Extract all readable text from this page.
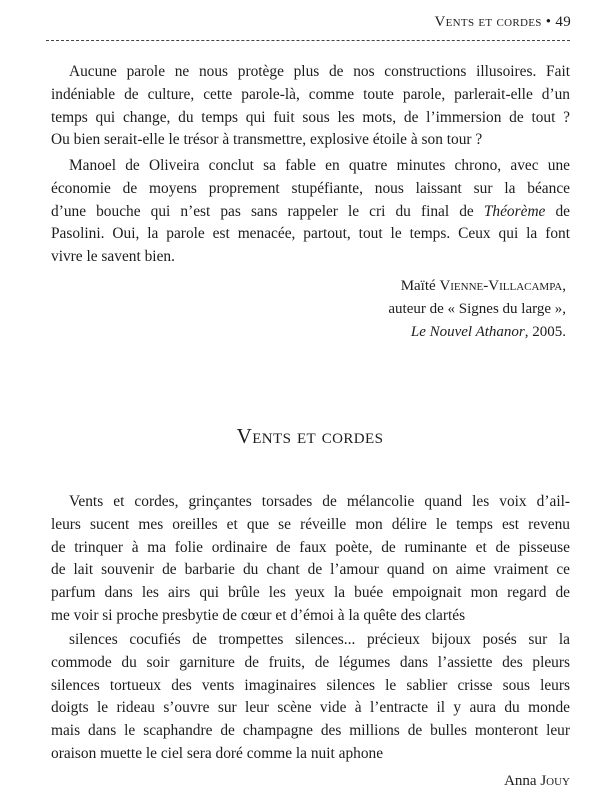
Vents et cordes • 49

Aucune parole ne nous protège plus de nos constructions illusoires. Fait
indéniable de culture, cette parole-là, comme toute parole, parlerait-elle d’un
temps qui change, du temps qui fuit sous les mots, de l’immersion de tout ?
Ou bien serait-elle le trésor à transmettre, explosive étoile à son tour ?

Manoel de Oliveira conclut sa fable en quatre minutes chrono, avec une
économie de moyens proprement stupéfiante, nous laissant sur la béance
d’une bouche qui n’est pas sans rappeler le cri du final de Théorème de
Pasolini. Oui, la parole est menacée, partout, tout le temps. Ceux qui la font
vivre le savent bien.

Maïté Vienne-Villacampa,
auteur de « Signes du large »,
Le Nouvel Athanor, 2005.
Vents et cordes

Vents et cordes, grinçantes torsades de mélancolie quand les voix d’ail-
leurs sucent mes oreilles et que se réveille mon délire le temps est revenu
de trinquer à ma folie ordinaire de faux poète, de ruminante et de pisseuse
de lait souvenir de barbarie du chant de l’amour quand on aime vraiment ce
parfum dans les airs qui brûle les yeux la buée empoignait mon regard de
me voir si proche presbytie de cœur et d’émoi à la quête des clartés

silences cocufiés de trompettes silences... précieux bijoux posés sur la
commode du soir garniture de fruits, de légumes dans l’assiette des pleurs
silences tortueux des vents imaginaires silences le sablier crisse sous leurs
doigts le rideau s’ouvre sur leur scène vide à l’entracte il y aura du monde
mais dans le scaphandre de champagne des millions de bulles monteront leur
oraison muette le ciel sera doré comme la nuit aphone

Anna Jouy
